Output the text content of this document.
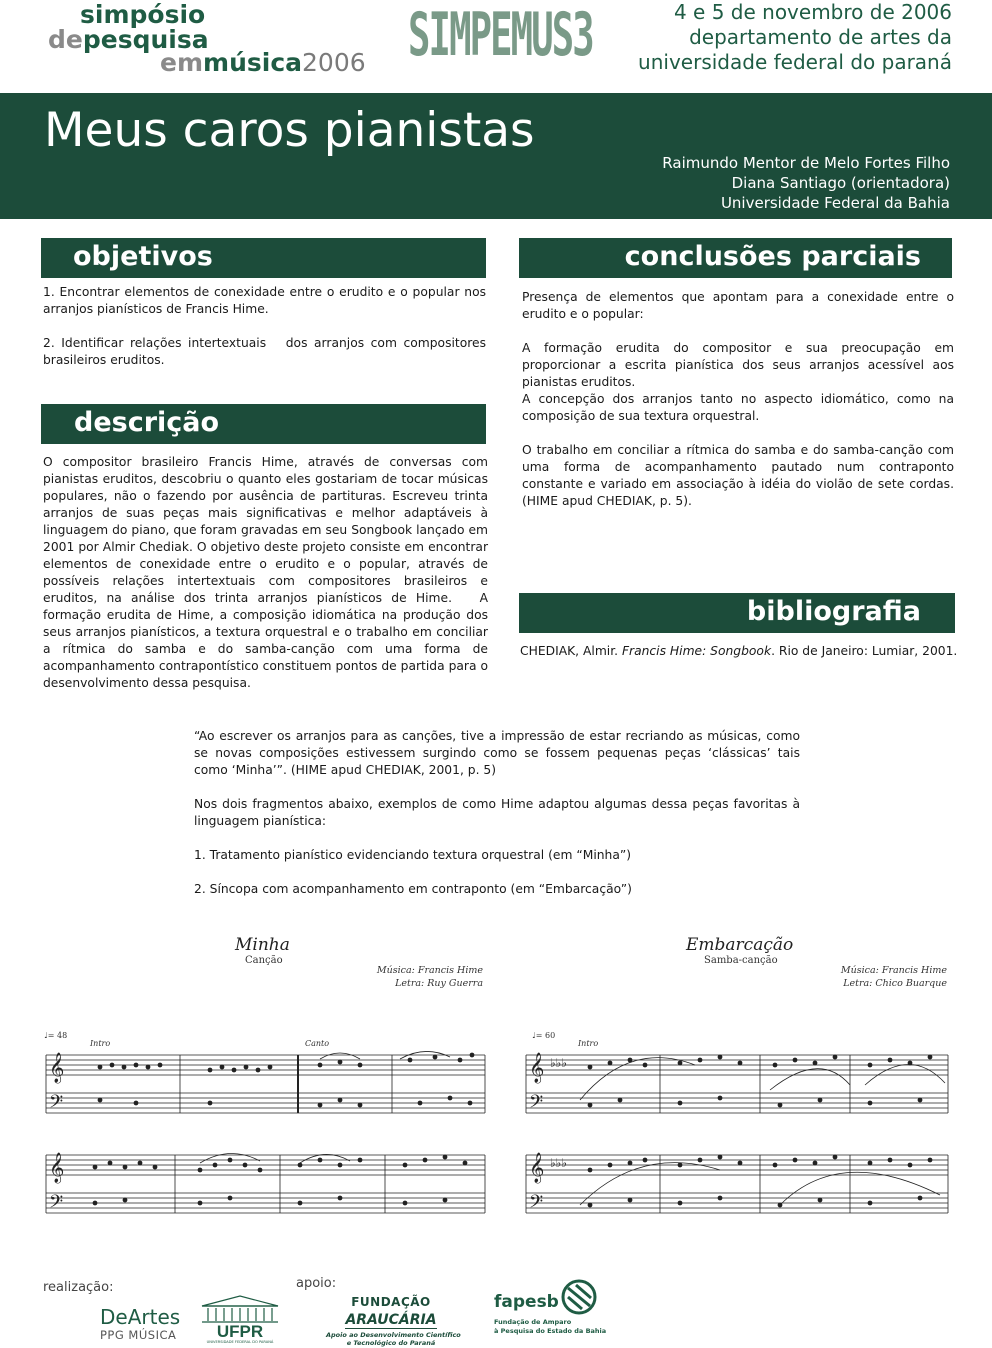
simpósio
depesquisa
emmúsica2006 SIMPEMUS3	4 e 5 de novembro de 2006
departamento de artes da
universidade federal do paraná
Meus caros pianistas
Raimundo Mentor de Melo Fortes Filho
Diana Santiago (orientadora)
Universidade Federal da Bahia
objetivos

1. Encontrar elementos de conexidade entre o erudito e o popular nos arranjos pianísticos de Francis Hime.

2. Identificar relações intertextuais   dos arranjos com compositores brasileiros eruditos.

descrição

O compositor brasileiro Francis Hime, através de conversas com pianistas eruditos, descobriu o quanto eles gostariam de tocar músicas populares, não o fazendo por ausência de partituras. Escreveu trinta arranjos de suas peças mais significativas e melhor adaptáveis à linguagem do piano, que foram gravadas em seu Songbook lançado em 2001 por Almir Chediak. O objetivo deste projeto consiste em encontrar elementos de conexidade entre o erudito e o popular, através de possíveis relações intertextuais com compositores brasileiros e eruditos, na análise dos trinta arranjos pianísticos de Hime.   A formação erudita de Hime, a composição idiomática na produção dos seus arranjos pianísticos, a textura orquestral e o trabalho em conciliar a rítmica do samba e do samba-canção com uma forma de acompanhamento contrapontístico constituem pontos de partida para o desenvolvimento dessa pesquisa.

conclusões parciais

Presença de elementos que apontam para a conexidade entre o erudito e o popular:

A formação erudita do compositor e sua preocupação em proporcionar a escrita pianística dos seus arranjos acessível aos pianistas eruditos.

A concepção dos arranjos tanto no aspecto idiomático, como na composição de sua textura orquestral.

O trabalho em conciliar a rítmica do samba e do samba-canção com uma forma de acompanhamento pautado num contraponto constante e variado em associação à idéia do violão de sete cordas. (HIME apud CHEDIAK, p. 5).

bibliografia
CHEDIAK, Almir. Francis Hime: Songbook. Rio de Janeiro: Lumiar, 2001.

“Ao escrever os arranjos para as canções, tive a impressão de estar recriando as músicas, como se novas composições estivessem surgindo como se fossem pequenas peças ‘clássicas’ tais como ‘Minha’”. (HIME apud CHEDIAK, 2001, p. 5)

Nos dois fragmentos abaixo, exemplos de como Hime adaptou algumas dessa peças favoritas à linguagem pianística:

1. Tratamento pianístico evidenciando textura orquestral (em “Minha”)

2. Síncopa com acompanhamento em contraponto (em “Embarcação”)

Minha
Canção
Música: Francis Hime
Letra: Ruy Guerra
♩= 48
Intro	Canto
𝄞
𝄢
𝄞
𝄢
Embarcação
Samba-canção
Música: Francis Hime
Letra: Chico Buarque
♩= 60
Intro
𝄞
𝄢
𝄞
𝄢
♭♭♭
♭♭♭
realização:	apoio:
DeArtes
PPG MÚSICA	UFPR
UNIVERSIDADE FEDERAL DO PARANÁ
FUNDAÇÃO
ARAUCÁRIA
Apoio ao Desenvolvimento Científico
e Tecnológico do Paraná
fapesb
Fundação de Amparo
à Pesquisa do Estado da Bahia
